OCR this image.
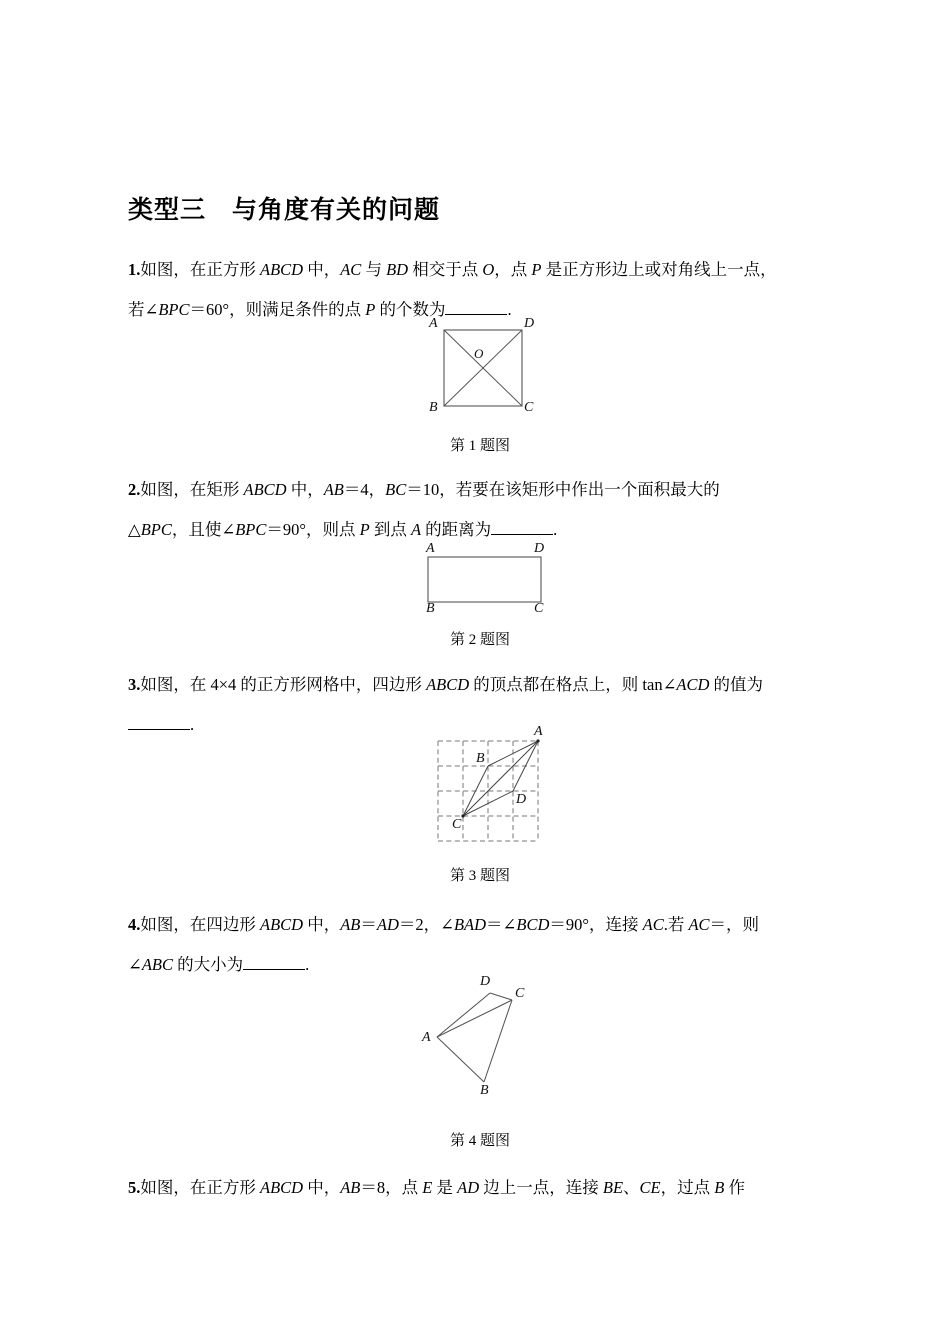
类型三　与角度有关的问题
1.如图，在正方形 ABCD 中，AC 与 BD 相交于点 O，点 P 是正方形边上或对角线上一点，
若∠BPC＝60°，则满足条件的点 P 的个数为	.
A	D
B	C
O
第 1 题图
2.如图，在矩形 ABCD 中，AB＝4，BC＝10，若要在该矩形中作出一个面积最大的
△BPC，且使∠BPC＝90°，则点 P 到点 A 的距离为	.
A	D
B	C
第 2 题图
3.如图，在 4×4 的正方形网格中，四边形 ABCD 的顶点都在格点上，则 tan∠ACD 的值为
.	A
B
C
D
第 3 题图
4.如图，在四边形 ABCD 中，AB＝AD＝2，∠BAD＝∠BCD＝90°，连接 AC.若 AC＝，则
∠ABC 的大小为	.
D
C
A
B
第 4 题图
5.如图，在正方形 ABCD 中，AB＝8，点 E 是 AD 边上一点，连接 BE、CE，过点 B 作
